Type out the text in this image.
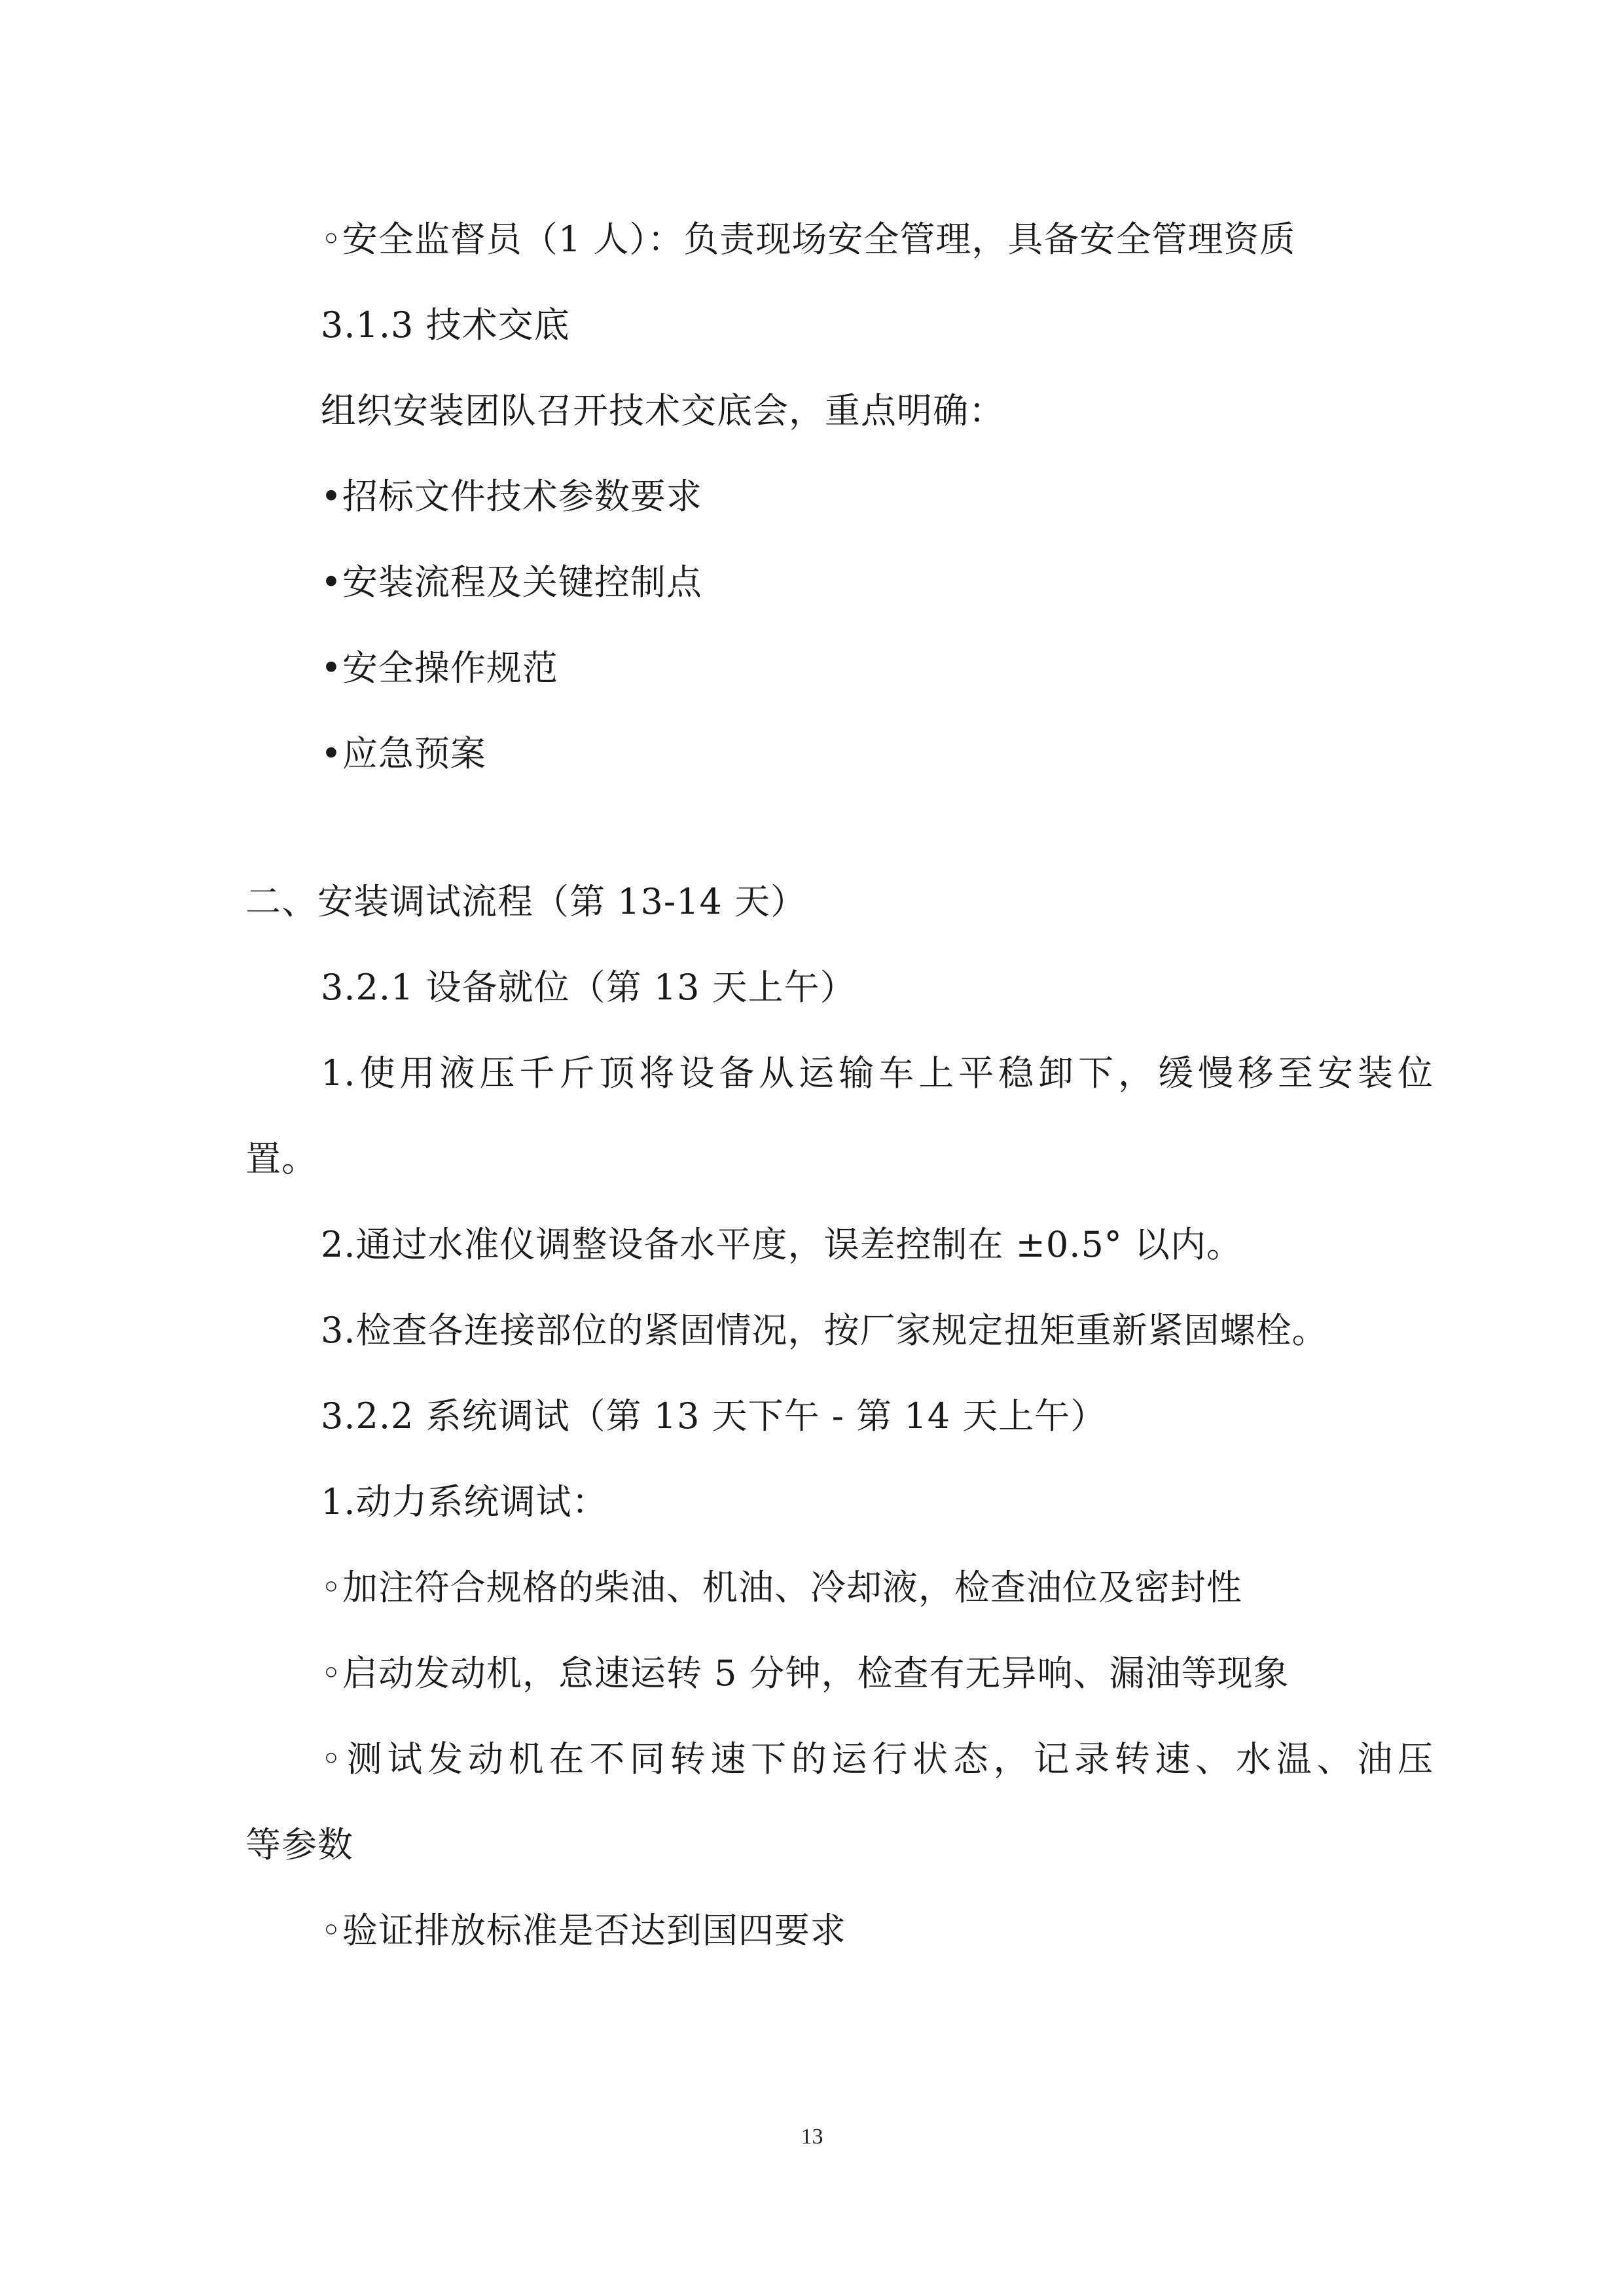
◦安全监督员（1 人）：负责现场安全管理，具备安全管理资质
3.1.3 技术交底
组织安装团队召开技术交底会，重点明确：
•招标文件技术参数要求
•安装流程及关键控制点
•安全操作规范
•应急预案
二、安装调试流程（第 13-14 天）
3.2.1 设备就位（第 13 天上午）
1.使用液压千斤顶将设备从运输车上平稳卸下，缓慢移至安装位
置。
2.通过水准仪调整设备水平度，误差控制在 ±0.5° 以内。
3.检查各连接部位的紧固情况，按厂家规定扭矩重新紧固螺栓。
3.2.2 系统调试（第 13 天下午 - 第 14 天上午）
1.动力系统调试：
◦加注符合规格的柴油、机油、冷却液，检查油位及密封性
◦启动发动机，怠速运转 5 分钟，检查有无异响、漏油等现象
◦测试发动机在不同转速下的运行状态，记录转速、水温、油压
等参数
◦验证排放标准是否达到国四要求
13
